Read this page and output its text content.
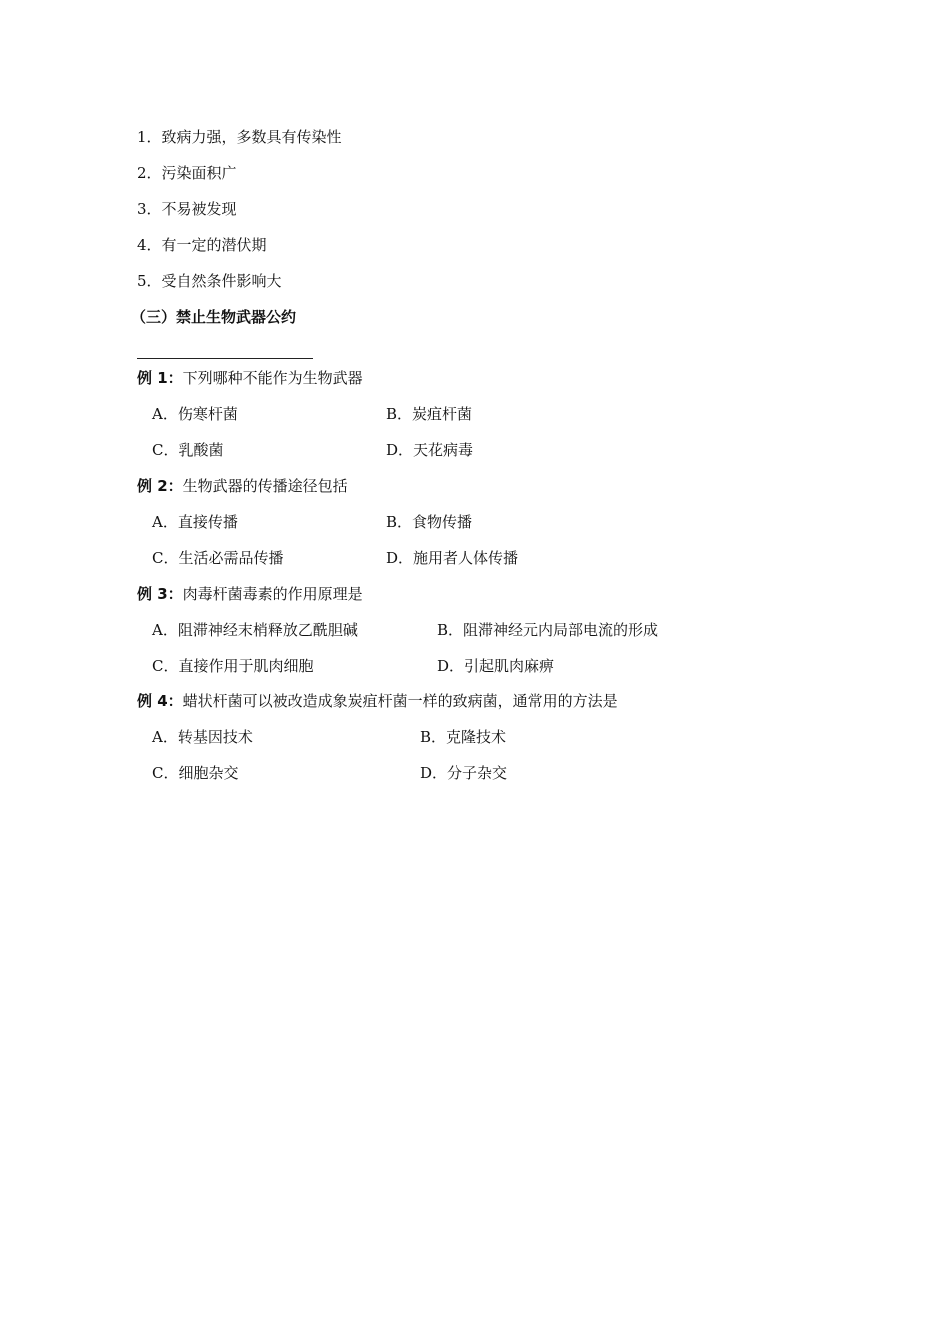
1．致病力强，多数具有传染性
2．污染面积广
3．不易被发现
4．有一定的潜伏期
5．受自然条件影响大
（三）禁止生物武器公约
例 1：下列哪种不能作为生物武器
A．伤寒杆菌	B．炭疽杆菌
C．乳酸菌	D．天花病毒
例 2：生物武器的传播途径包括
A．直接传播	B．食物传播
C．生活必需品传播	D．施用者人体传播
例 3：肉毒杆菌毒素的作用原理是
A．阻滞神经末梢释放乙酰胆碱	B．阻滞神经元内局部电流的形成
C．直接作用于肌肉细胞	D．引起肌肉麻痹
例 4：蜡状杆菌可以被改造成象炭疽杆菌一样的致病菌，通常用的方法是
A．转基因技术	B．克隆技术
C．细胞杂交	D．分子杂交
